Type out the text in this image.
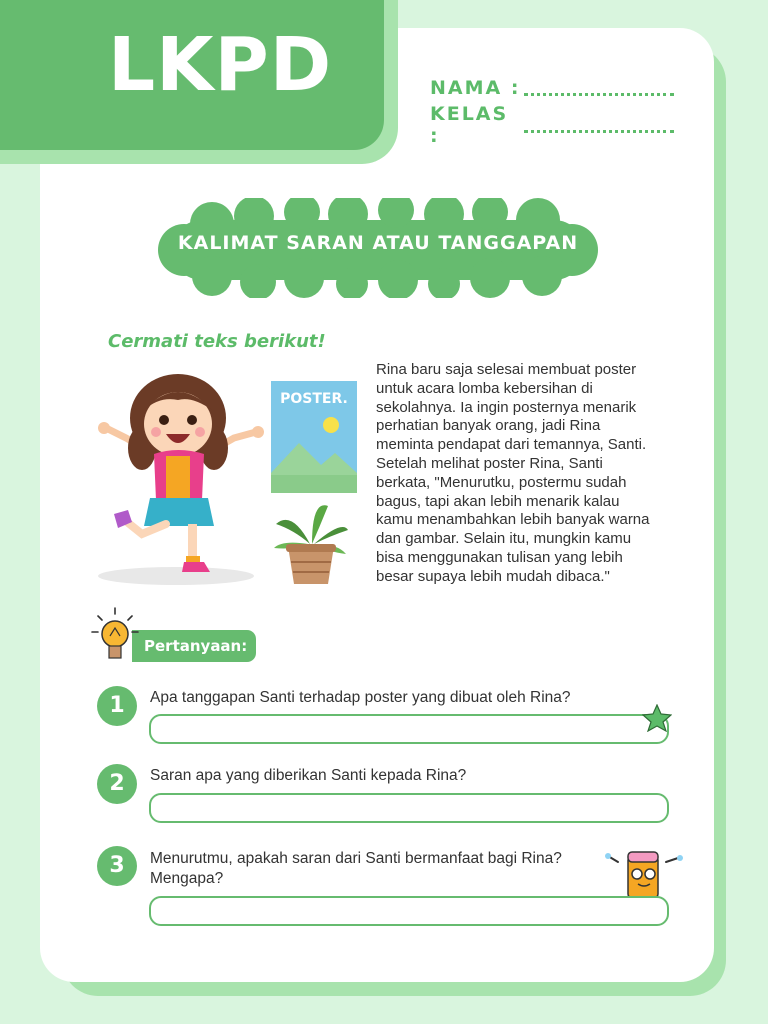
LKPD	NAMA :
KELAS :
KALIMAT SARAN ATAU TANGGAPAN
Cermati teks berikut!
POSTER.
Rina baru saja selesai membuat poster
untuk acara lomba kebersihan di
sekolahnya. Ia ingin posternya menarik
perhatian banyak orang, jadi Rina
meminta pendapat dari temannya, Santi.
Setelah melihat poster Rina, Santi
berkata, "Menurutku, postermu sudah
bagus, tapi akan lebih menarik kalau
kamu menambahkan lebih banyak warna
dan gambar. Selain itu, mungkin kamu
bisa menggunakan tulisan yang lebih
besar supaya lebih mudah dibaca."
Pertanyaan:
1	Apa tanggapan Santi terhadap poster yang dibuat oleh Rina?
2	Saran apa yang diberikan Santi kepada Rina?
3	Menurutmu, apakah saran dari Santi bermanfaat bagi Rina?
Mengapa?
